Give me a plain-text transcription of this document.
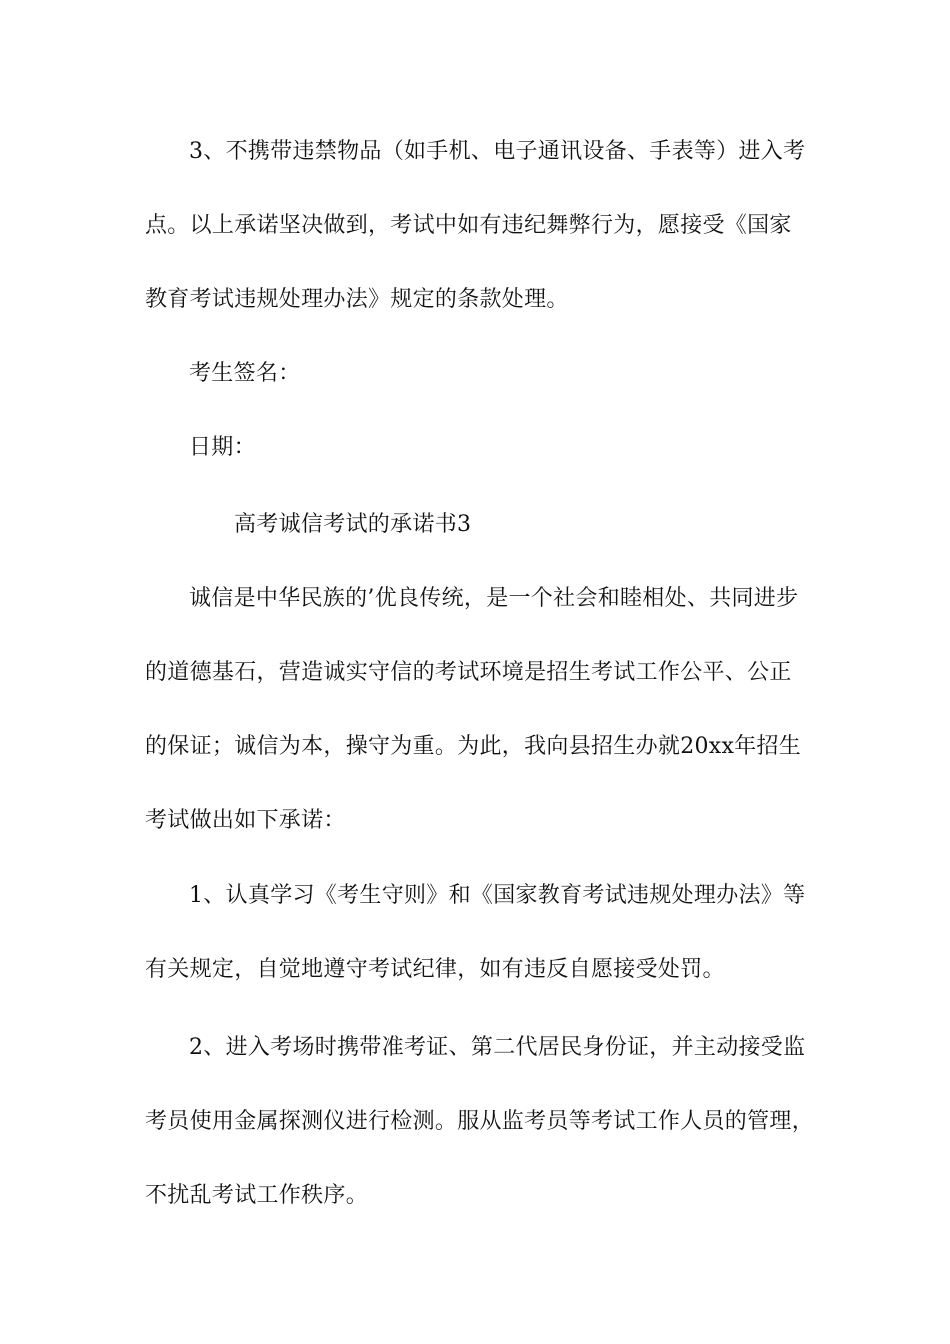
3、不携带违禁物品（如手机、电子通讯设备、手表等）进入考
点。以上承诺坚决做到，考试中如有违纪舞弊行为，愿接受《国家
教育考试违规处理办法》规定的条款处理。
考生签名：
日期：
高考诚信考试的承诺书3
诚信是中华民族的’优良传统，是一个社会和睦相处、共同进步
的道德基石，营造诚实守信的考试环境是招生考试工作公平、公正
的保证；诚信为本，操守为重。为此，我向县招生办就20xx年招生
考试做出如下承诺：
1、认真学习《考生守则》和《国家教育考试违规处理办法》等
有关规定，自觉地遵守考试纪律，如有违反自愿接受处罚。
2、进入考场时携带准考证、第二代居民身份证，并主动接受监
考员使用金属探测仪进行检测。服从监考员等考试工作人员的管理，
不扰乱考试工作秩序。
